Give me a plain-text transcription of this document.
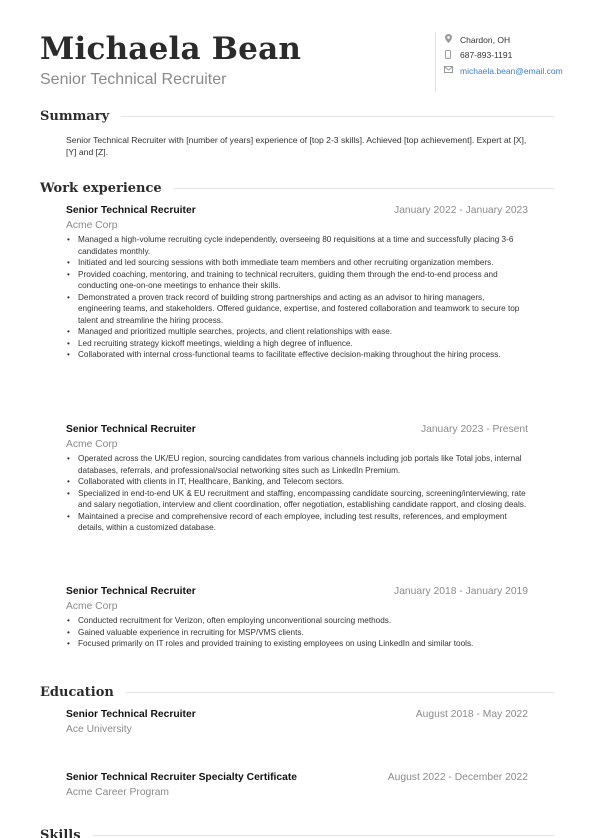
Michaela Bean
Senior Technical Recruiter
Chardon, OH
687-893-1191
michaela.bean@email.com
Summary
Senior Technical Recruiter with [number of years] experience of [top 2-3 skills]. Achieved [top achievement]. Expert at [X], [Y] and [Z].
Work experience
Senior Technical Recruiter	January 2022 - January 2023
Acme Corp
• Managed a high-volume recruiting cycle independently, overseeing 80 requisitions at a time and successfully placing 3-6 candidates monthly.
• Initiated and led sourcing sessions with both immediate team members and other recruiting organization members.
• Provided coaching, mentoring, and training to technical recruiters, guiding them through the end-to-end process and conducting one-on-one meetings to enhance their skills.
• Demonstrated a proven track record of building strong partnerships and acting as an advisor to hiring managers, engineering teams, and stakeholders. Offered guidance, expertise, and fostered collaboration and teamwork to secure top talent and streamline the hiring process.
• Managed and prioritized multiple searches, projects, and client relationships with ease.
• Led recruiting strategy kickoff meetings, wielding a high degree of influence.
• Collaborated with internal cross-functional teams to facilitate effective decision-making throughout the hiring process.
Senior Technical Recruiter	January 2023 - Present
Acme Corp
• Operated across the UK/EU region, sourcing candidates from various channels including job portals like Total jobs, internal databases, referrals, and professional/social networking sites such as LinkedIn Premium.
• Collaborated with clients in IT, Healthcare, Banking, and Telecom sectors.
• Specialized in end-to-end UK & EU recruitment and staffing, encompassing candidate sourcing, screening/interviewing, rate and salary negotiation, interview and client coordination, offer negotiation, establishing candidate rapport, and closing deals.
• Maintained a precise and comprehensive record of each employee, including test results, references, and employment details, within a customized database.
Senior Technical Recruiter	January 2018 - January 2019
Acme Corp
• Conducted recruitment for Verizon, often employing unconventional sourcing methods.
• Gained valuable experience in recruiting for MSP/VMS clients.
• Focused primarily on IT roles and provided training to existing employees on using LinkedIn and similar tools.
Education
Senior Technical Recruiter	August 2018 - May 2022
Ace University
Senior Technical Recruiter Specialty Certificate	August 2022 - December 2022
Acme Career Program
Skills
